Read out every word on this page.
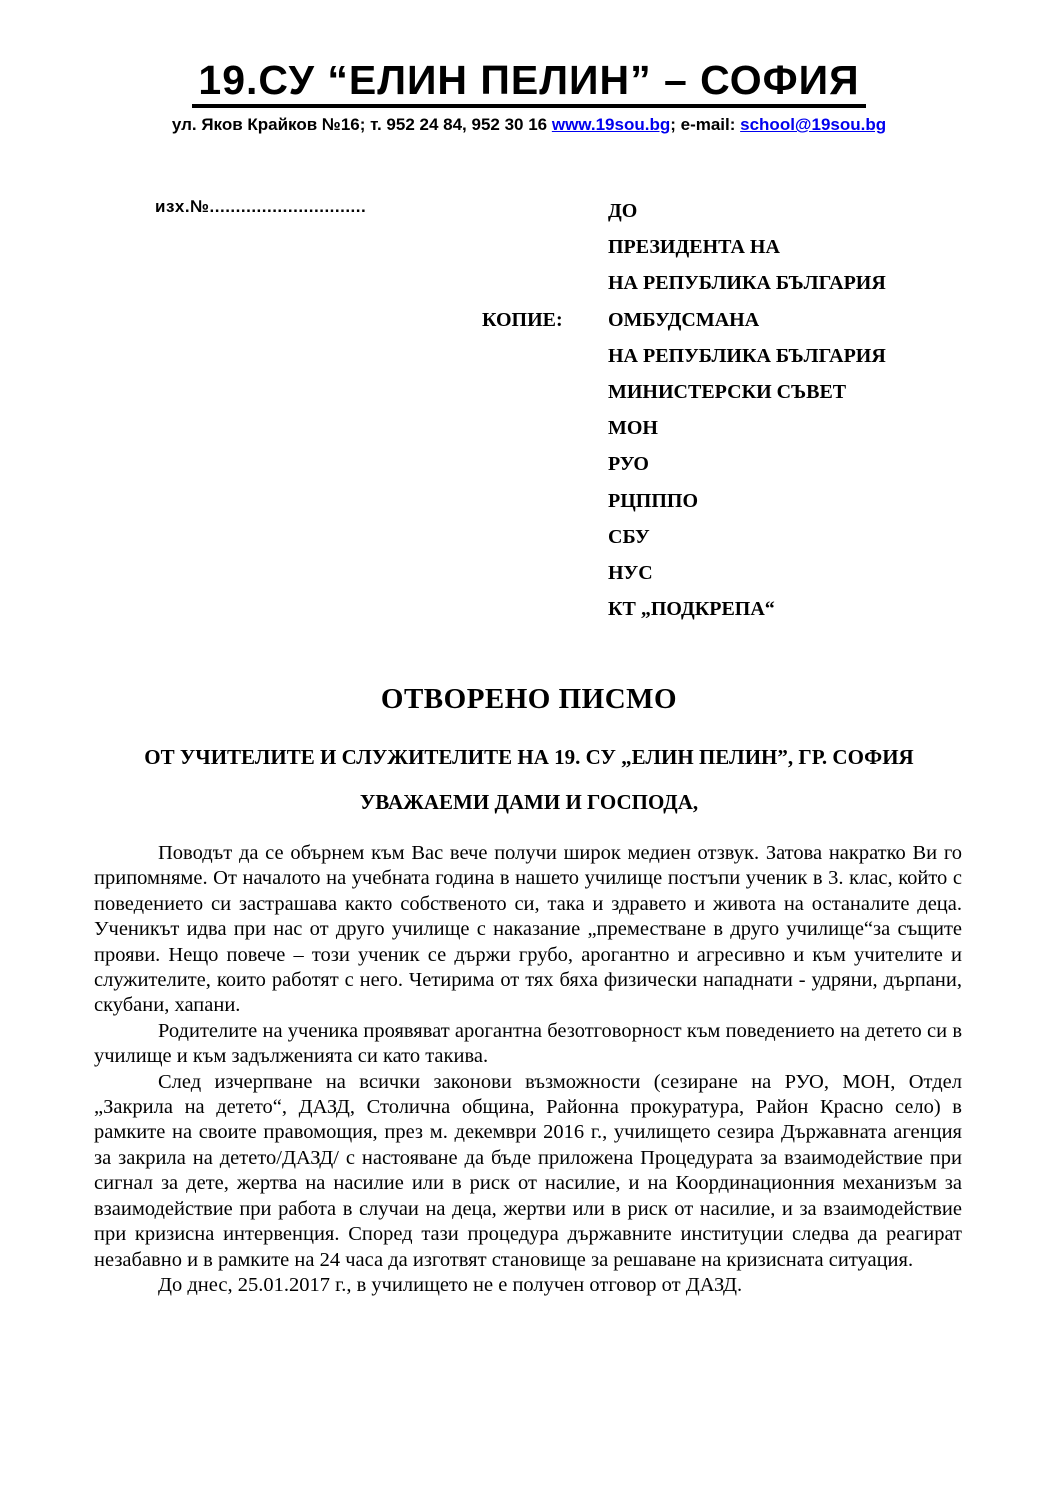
19.СУ “ЕЛИН ПЕЛИН” – СОФИЯ
ул. Яков Крайков №16; т. 952 24 84, 952 30 16 www.19sou.bg; e-mail: school@19sou.bg
изх.№..............................	ДО
ПРЕЗИДЕНТА НА
НА РЕПУБЛИКА БЪЛГАРИЯ
КОПИЕ:	ОМБУДСМАНА
НА РЕПУБЛИКА БЪЛГАРИЯ
МИНИСТЕРСКИ СЪВЕТ
МОН
РУО
РЦПППО
СБУ
НУС
КТ „ПОДКРЕПА“
ОТВОРЕНО ПИСМО
ОТ УЧИТЕЛИТЕ И СЛУЖИТЕЛИТЕ НА 19. СУ „ЕЛИН ПЕЛИН”, ГР. СОФИЯ
УВАЖАЕМИ ДАМИ И ГОСПОДА,

Поводът да се обърнем към Вас вече получи широк медиен отзвук. Затова накратко Ви го припомняме. От началото на учебната година в нашето училище постъпи ученик в 3. клас, който с поведението си застрашава както собственото си, така и здравето и живота на останалите деца. Ученикът идва при нас от друго училище с наказание „преместване в друго училище“за същите прояви. Нещо повече – този ученик се държи грубо, арогантно и агресивно и към учителите и служителите, които работят с него. Четирима от тях бяха физически нападнати - удряни, дърпани, скубани, хапани.

Родителите на ученика проявяват арогантна безотговорност към поведението на детето си в училище и към задълженията си като такива.

След изчерпване на всички законови възможности (сезиране на РУО, МОН, Отдел „Закрила на детето“, ДАЗД, Столична община, Районна прокуратура, Район Красно село) в рамките на своите правомощия, през м. декември 2016 г., училището сезира Държавната агенция за закрила на детето/ДАЗД/ с настояване да бъде приложена Процедурата за взаимодействие при сигнал за дете, жертва на насилие или в риск от насилие, и на Координационния механизъм за взаимодействие при работа в случаи на деца, жертви или в риск от насилие, и за взаимодействие при кризисна интервенция. Според тази процедура държавните институции следва да реагират незабавно и в рамките на 24 часа да изготвят становище за решаване на кризисната ситуация.

До днес, 25.01.2017 г., в училището не е получен отговор от ДАЗД.
